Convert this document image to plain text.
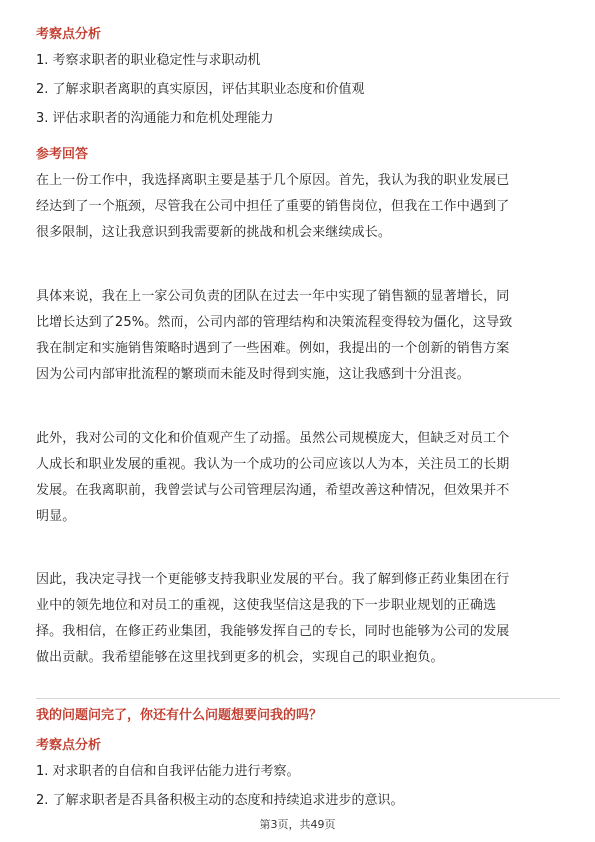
考察点分析
1. 考察求职者的职业稳定性与求职动机
2. 了解求职者离职的真实原因，评估其职业态度和价值观
3. 评估求职者的沟通能力和危机处理能力
参考回答
在上一份工作中，我选择离职主要是基于几个原因。首先，我认为我的职业发展已
经达到了一个瓶颈，尽管我在公司中担任了重要的销售岗位，但我在工作中遇到了
很多限制，这让我意识到我需要新的挑战和机会来继续成长。
具体来说，我在上一家公司负责的团队在过去一年中实现了销售额的显著增长，同
比增长达到了25%。然而，公司内部的管理结构和决策流程变得较为僵化，这导致
我在制定和实施销售策略时遇到了一些困难。例如，我提出的一个创新的销售方案
因为公司内部审批流程的繁琐而未能及时得到实施，这让我感到十分沮丧。
此外，我对公司的文化和价值观产生了动摇。虽然公司规模庞大，但缺乏对员工个
人成长和职业发展的重视。我认为一个成功的公司应该以人为本，关注员工的长期
发展。在我离职前，我曾尝试与公司管理层沟通，希望改善这种情况，但效果并不
明显。
因此，我决定寻找一个更能够支持我职业发展的平台。我了解到修正药业集团在行
业中的领先地位和对员工的重视，这使我坚信这是我的下一步职业规划的正确选
择。我相信，在修正药业集团，我能够发挥自己的专长，同时也能够为公司的发展
做出贡献。我希望能够在这里找到更多的机会，实现自己的职业抱负。
我的问题问完了，你还有什么问题想要问我的吗？
考察点分析
1. 对求职者的自信和自我评估能力进行考察。
2. 了解求职者是否具备积极主动的态度和持续追求进步的意识。
第3页，共49页
